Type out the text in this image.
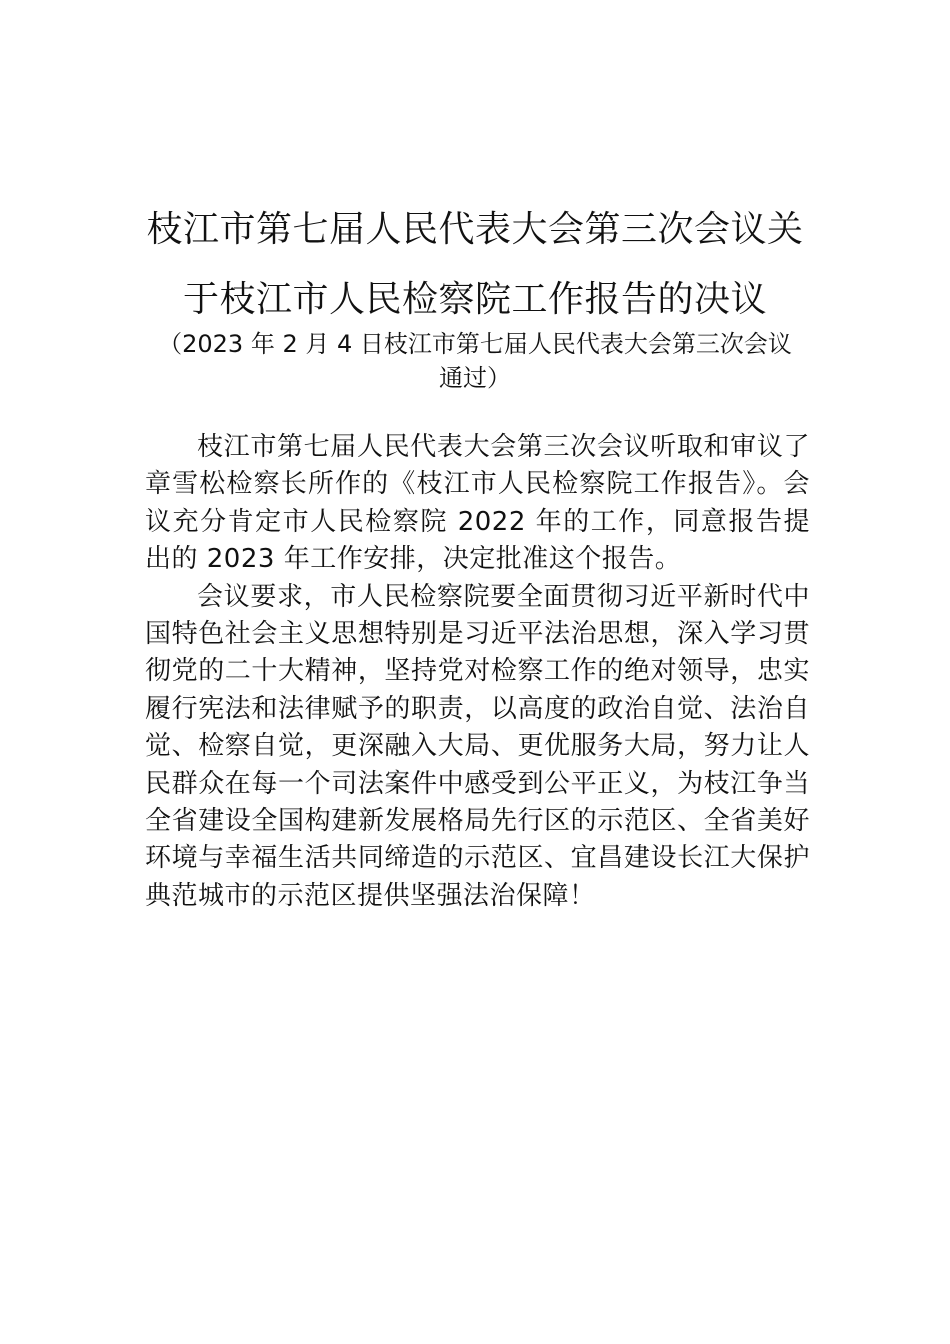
枝江市第七届人民代表大会第三次会议关
于枝江市人民检察院工作报告的决议
（2023 年 2 月 4 日枝江市第七届人民代表大会第三次会议
通过）

枝江市第七届人民代表大会第三次会议听取和审议了章雪松检察长所作的《枝江市人民检察院工作报告》。会议充分肯定市人民检察院 2022 年的工作，同意报告提出的 2023 年工作安排，决定批准这个报告。

会议要求，市人民检察院要全面贯彻习近平新时代中国特色社会主义思想特别是习近平法治思想，深入学习贯彻党的二十大精神，坚持党对检察工作的绝对领导，忠实履行宪法和法律赋予的职责，以高度的政治自觉、法治自觉、检察自觉，更深融入大局、更优服务大局，努力让人民群众在每一个司法案件中感受到公平正义，为枝江争当全省建设全国构建新发展格局先行区的示范区、全省美好环境与幸福生活共同缔造的示范区、宜昌建设长江大保护典范城市的示范区提供坚强法治保障！
